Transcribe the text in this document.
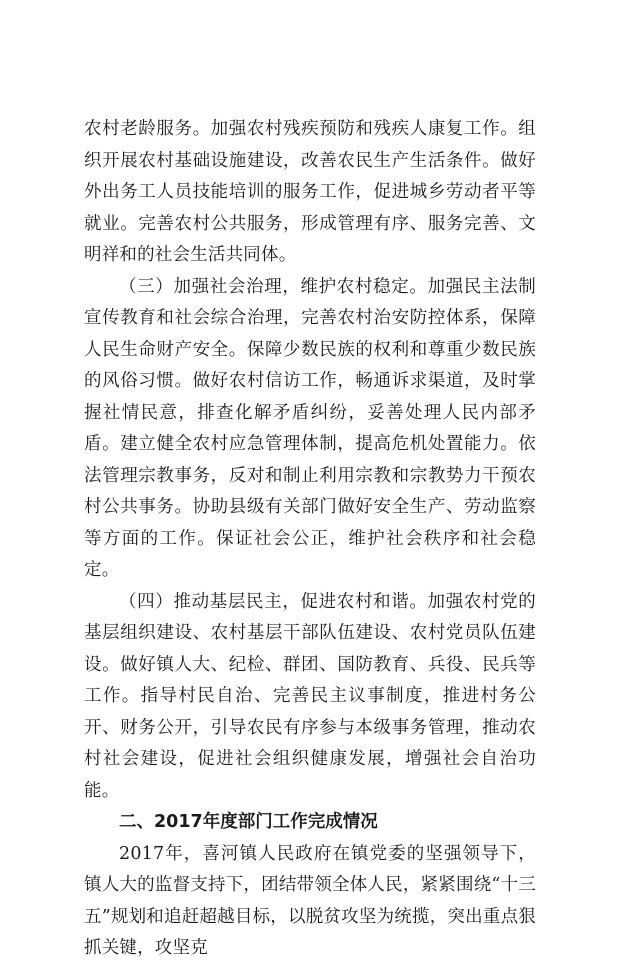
农村老龄服务。加强农村残疾预防和残疾人康复工作。组织开展农村基础设施建设，改善农民生产生活条件。做好外出务工人员技能培训的服务工作，促进城乡劳动者平等就业。完善农村公共服务，形成管理有序、服务完善、文明祥和的社会生活共同体。

（三）加强社会治理，维护农村稳定。加强民主法制宣传教育和社会综合治理，完善农村治安防控体系，保障人民生命财产安全。保障少数民族的权利和尊重少数民族的风俗习惯。做好农村信访工作，畅通诉求渠道，及时掌握社情民意，排查化解矛盾纠纷，妥善处理人民内部矛盾。建立健全农村应急管理体制，提高危机处置能力。依法管理宗教事务，反对和制止利用宗教和宗教势力干预农村公共事务。协助县级有关部门做好安全生产、劳动监察等方面的工作。保证社会公正，维护社会秩序和社会稳定。

（四）推动基层民主，促进农村和谐。加强农村党的基层组织建设、农村基层干部队伍建设、农村党员队伍建设。做好镇人大、纪检、群团、国防教育、兵役、民兵等工作。指导村民自治、完善民主议事制度，推进村务公开、财务公开，引导农民有序参与本级事务管理，推动农村社会建设，促进社会组织健康发展，增强社会自治功能。

二、2017年度部门工作完成情况

2017年，喜河镇人民政府在镇党委的坚强领导下，镇人大的监督支持下，团结带领全体人民，紧紧围绕“十三五”规划和追赶超越目标，以脱贫攻坚为统揽，突出重点狠抓关键，攻坚克
